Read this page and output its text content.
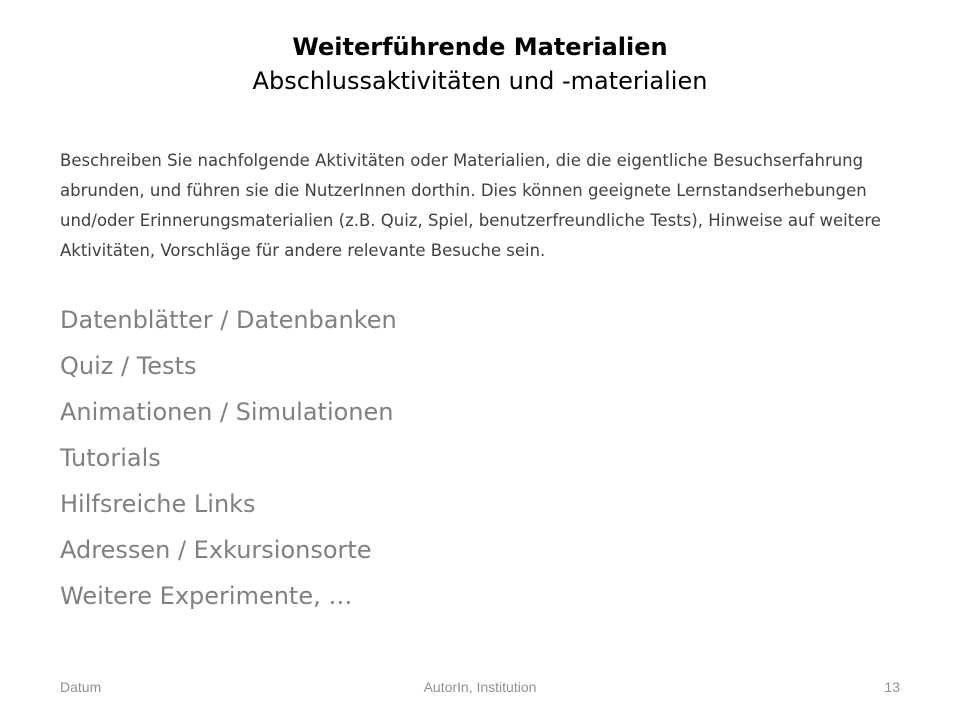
Weiterführende Materialien
Abschlussaktivitäten und -materialien
Beschreiben Sie nachfolgende Aktivitäten oder Materialien, die die eigentliche Besuchserfahrung abrunden, und führen sie die NutzerInnen dorthin. Dies können geeignete Lernstandserhebungen und/oder Erinnerungsmaterialien (z.B. Quiz, Spiel, benutzerfreundliche Tests), Hinweise auf weitere Aktivitäten, Vorschläge für andere relevante Besuche sein.
Datenblätter / Datenbanken
Quiz / Tests
Animationen / Simulationen
Tutorials
Hilfsreiche Links
Adressen / Exkursionsorte
Weitere Experimente, …
Datum	AutorIn, Institution	13
